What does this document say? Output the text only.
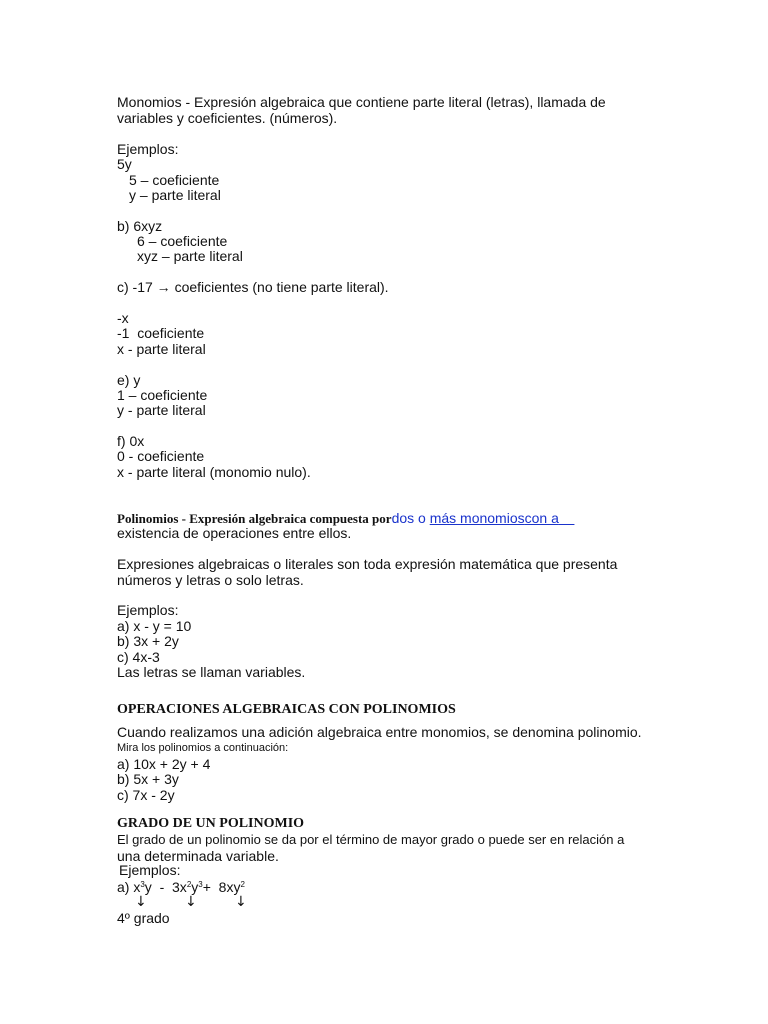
Monomios - Expresión algebraica que contiene parte literal (letras), llamada de
variables y coeficientes. (números).
Ejemplos:
5y
5 – coeficiente
y – parte literal
b) 6xyz
6 – coeficiente
xyz – parte literal
c) -17 → coeficientes (no tiene parte literal).
-x
-1  coeficiente
x - parte literal
e) y
1 – coeficiente
y - parte literal
f) 0x
0 - coeficiente
x - parte literal (monomio nulo).
Polinomios - Expresión algebraica compuesta pordos o más monomioscon a
existencia de operaciones entre ellos.
Expresiones algebraicas o literales son toda expresión matemática que presenta
números y letras o solo letras.
Ejemplos:
a) x - y = 10
b) 3x + 2y
c) 4x-3
Las letras se llaman variables.
OPERACIONES ALGEBRAICAS CON POLINOMIOS
Cuando realizamos una adición algebraica entre monomios, se denomina polinomio.
Mira los polinomios a continuación:
a) 10x + 2y + 4
b) 5x + 3y
c) 7x - 2y
GRADO DE UN POLINOMIO
El grado de un polinomio se da por el término de mayor grado o puede ser en relación a
una determinada variable.
Ejemplos:
a) $x^3y - 3x^2y^3+ 8xy^2$
↓	↓	↓
4º grado
